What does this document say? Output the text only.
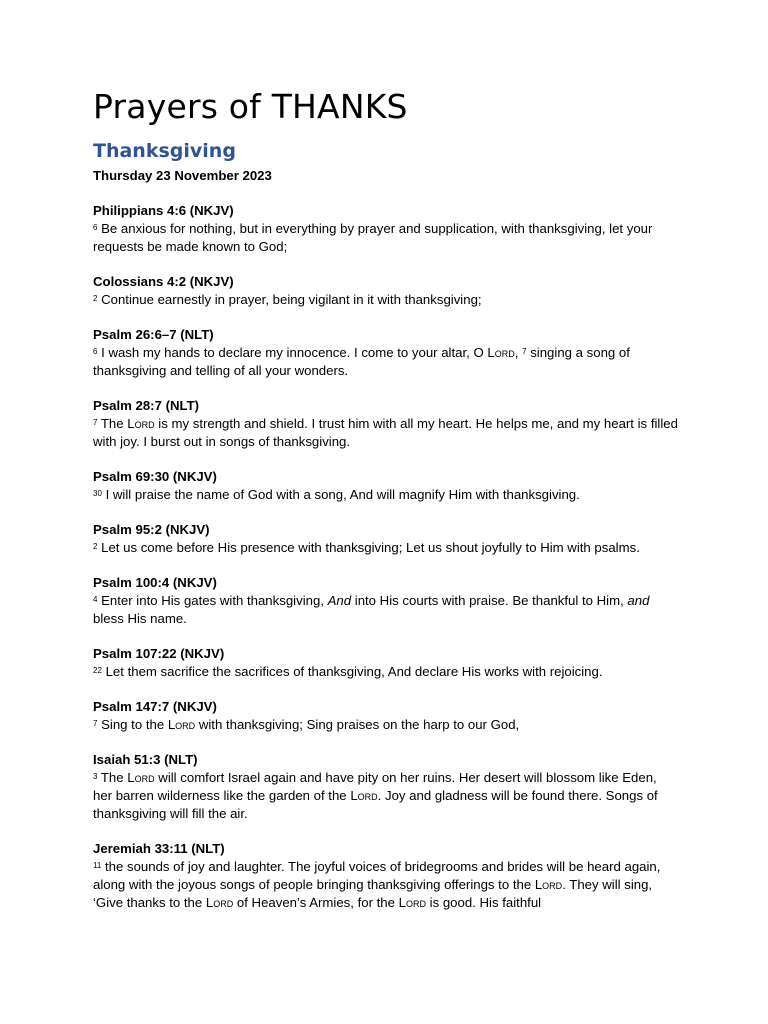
Prayers of THANKS
Thanksgiving

Thursday 23 November 2023

Philippians 4:6 (NKJV)

$^6$ Be anxious for nothing, but in everything by prayer and supplication, with thanksgiving, let your requests be made known to God;

Colossians 4:2 (NKJV)

$^2$ Continue earnestly in prayer, being vigilant in it with thanksgiving;

Psalm 26:6–7 (NLT)

$^6$ I wash my hands to declare my innocence. I come to your altar, O Lord, $^7$ singing a song of thanksgiving and telling of all your wonders.

Psalm 28:7 (NLT)

$^7$ The Lord is my strength and shield. I trust him with all my heart. He helps me, and my heart is filled with joy. I burst out in songs of thanksgiving.

Psalm 69:30 (NKJV)

$^{30}$ I will praise the name of God with a song, And will magnify Him with thanksgiving.

Psalm 95:2 (NKJV)

$^2$ Let us come before His presence with thanksgiving; Let us shout joyfully to Him with psalms.

Psalm 100:4 (NKJV)

$^4$ Enter into His gates with thanksgiving, And into His courts with praise. Be thankful to Him, and bless His name.

Psalm 107:22 (NKJV)

$^{22}$ Let them sacrifice the sacrifices of thanksgiving, And declare His works with rejoicing.

Psalm 147:7 (NKJV)

$^7$ Sing to the Lord with thanksgiving; Sing praises on the harp to our God,

Isaiah 51:3 (NLT)

$^3$ The Lord will comfort Israel again and have pity on her ruins. Her desert will blossom like Eden, her barren wilderness like the garden of the Lord. Joy and gladness will be found there. Songs of thanksgiving will fill the air.

Jeremiah 33:11 (NLT)

$^{11}$ the sounds of joy and laughter. The joyful voices of bridegrooms and brides will be heard again, along with the joyous songs of people bringing thanksgiving offerings to the Lord. They will sing, ‘Give thanks to the Lord of Heaven’s Armies, for the Lord is good. His faithful
